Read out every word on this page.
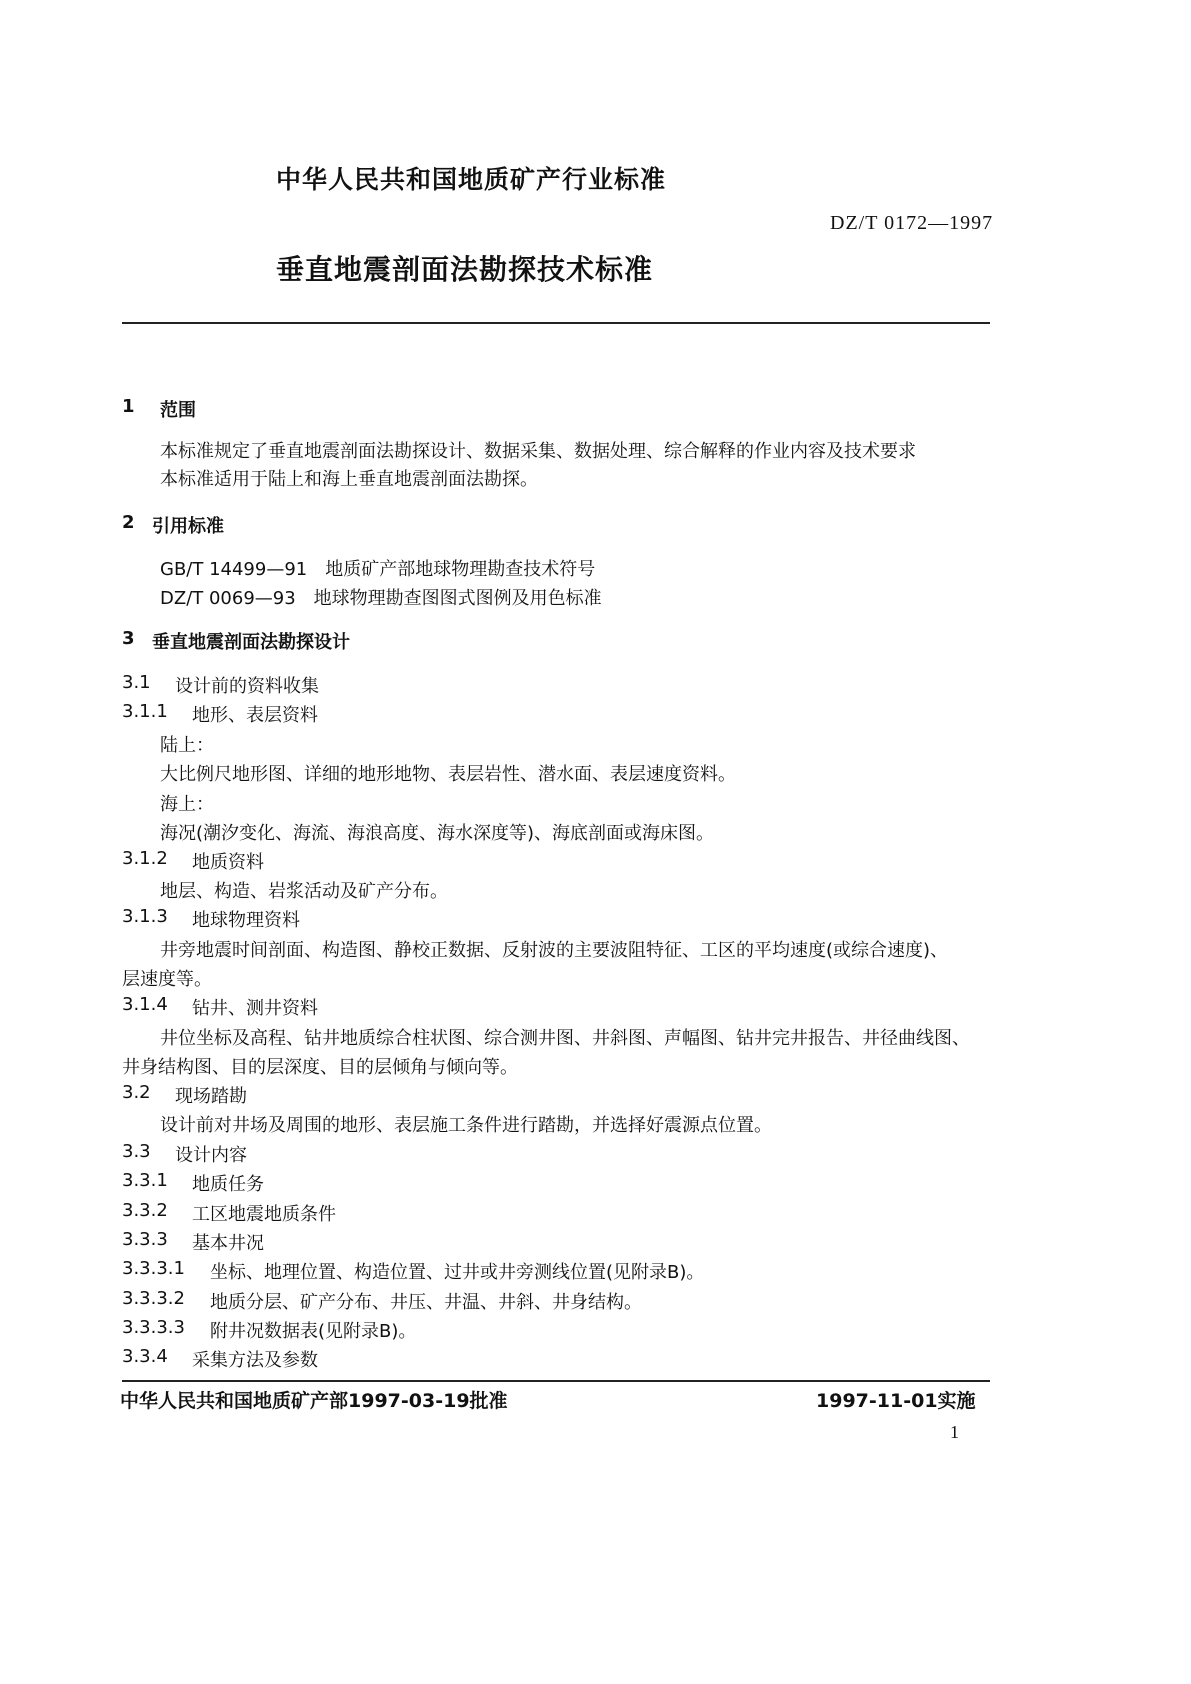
中华人民共和国地质矿产行业标准
DZ/T 0172—1997
垂直地震剖面法勘探技术标准
1 范围
本标准规定了垂直地震剖面法勘探设计、数据采集、数据处理、综合解释的作业内容及技术要求
本标准适用于陆上和海上垂直地震剖面法勘探。
2 引用标准
GB/T 14499—91　地质矿产部地球物理勘查技术符号
DZ/T 0069—93　地球物理勘查图图式图例及用色标准
3 垂直地震剖面法勘探设计
3.1 设计前的资料收集
3.1.1 地形、表层资料
陆上：
大比例尺地形图、详细的地形地物、表层岩性、潜水面、表层速度资料。
海上：
海况(潮汐变化、海流、海浪高度、海水深度等)、海底剖面或海床图。
3.1.2 地质资料
地层、构造、岩浆活动及矿产分布。
3.1.3 地球物理资料
井旁地震时间剖面、构造图、静校正数据、反射波的主要波阻特征、工区的平均速度(或综合速度)、
层速度等。
3.1.4 钻井、测井资料
井位坐标及高程、钻井地质综合柱状图、综合测井图、井斜图、声幅图、钻井完井报告、井径曲线图、
井身结构图、目的层深度、目的层倾角与倾向等。
3.2 现场踏勘
设计前对井场及周围的地形、表层施工条件进行踏勘，并选择好震源点位置。
3.3 设计内容
3.3.1 地质任务
3.3.2 工区地震地质条件
3.3.3 基本井况
3.3.3.1 坐标、地理位置、构造位置、过井或井旁测线位置(见附录B)。
3.3.3.2 地质分层、矿产分布、井压、井温、井斜、井身结构。
3.3.3.3 附井况数据表(见附录B)。
3.3.4 采集方法及参数
中华人民共和国地质矿产部1997-03-19批准	1997-11-01实施
1
